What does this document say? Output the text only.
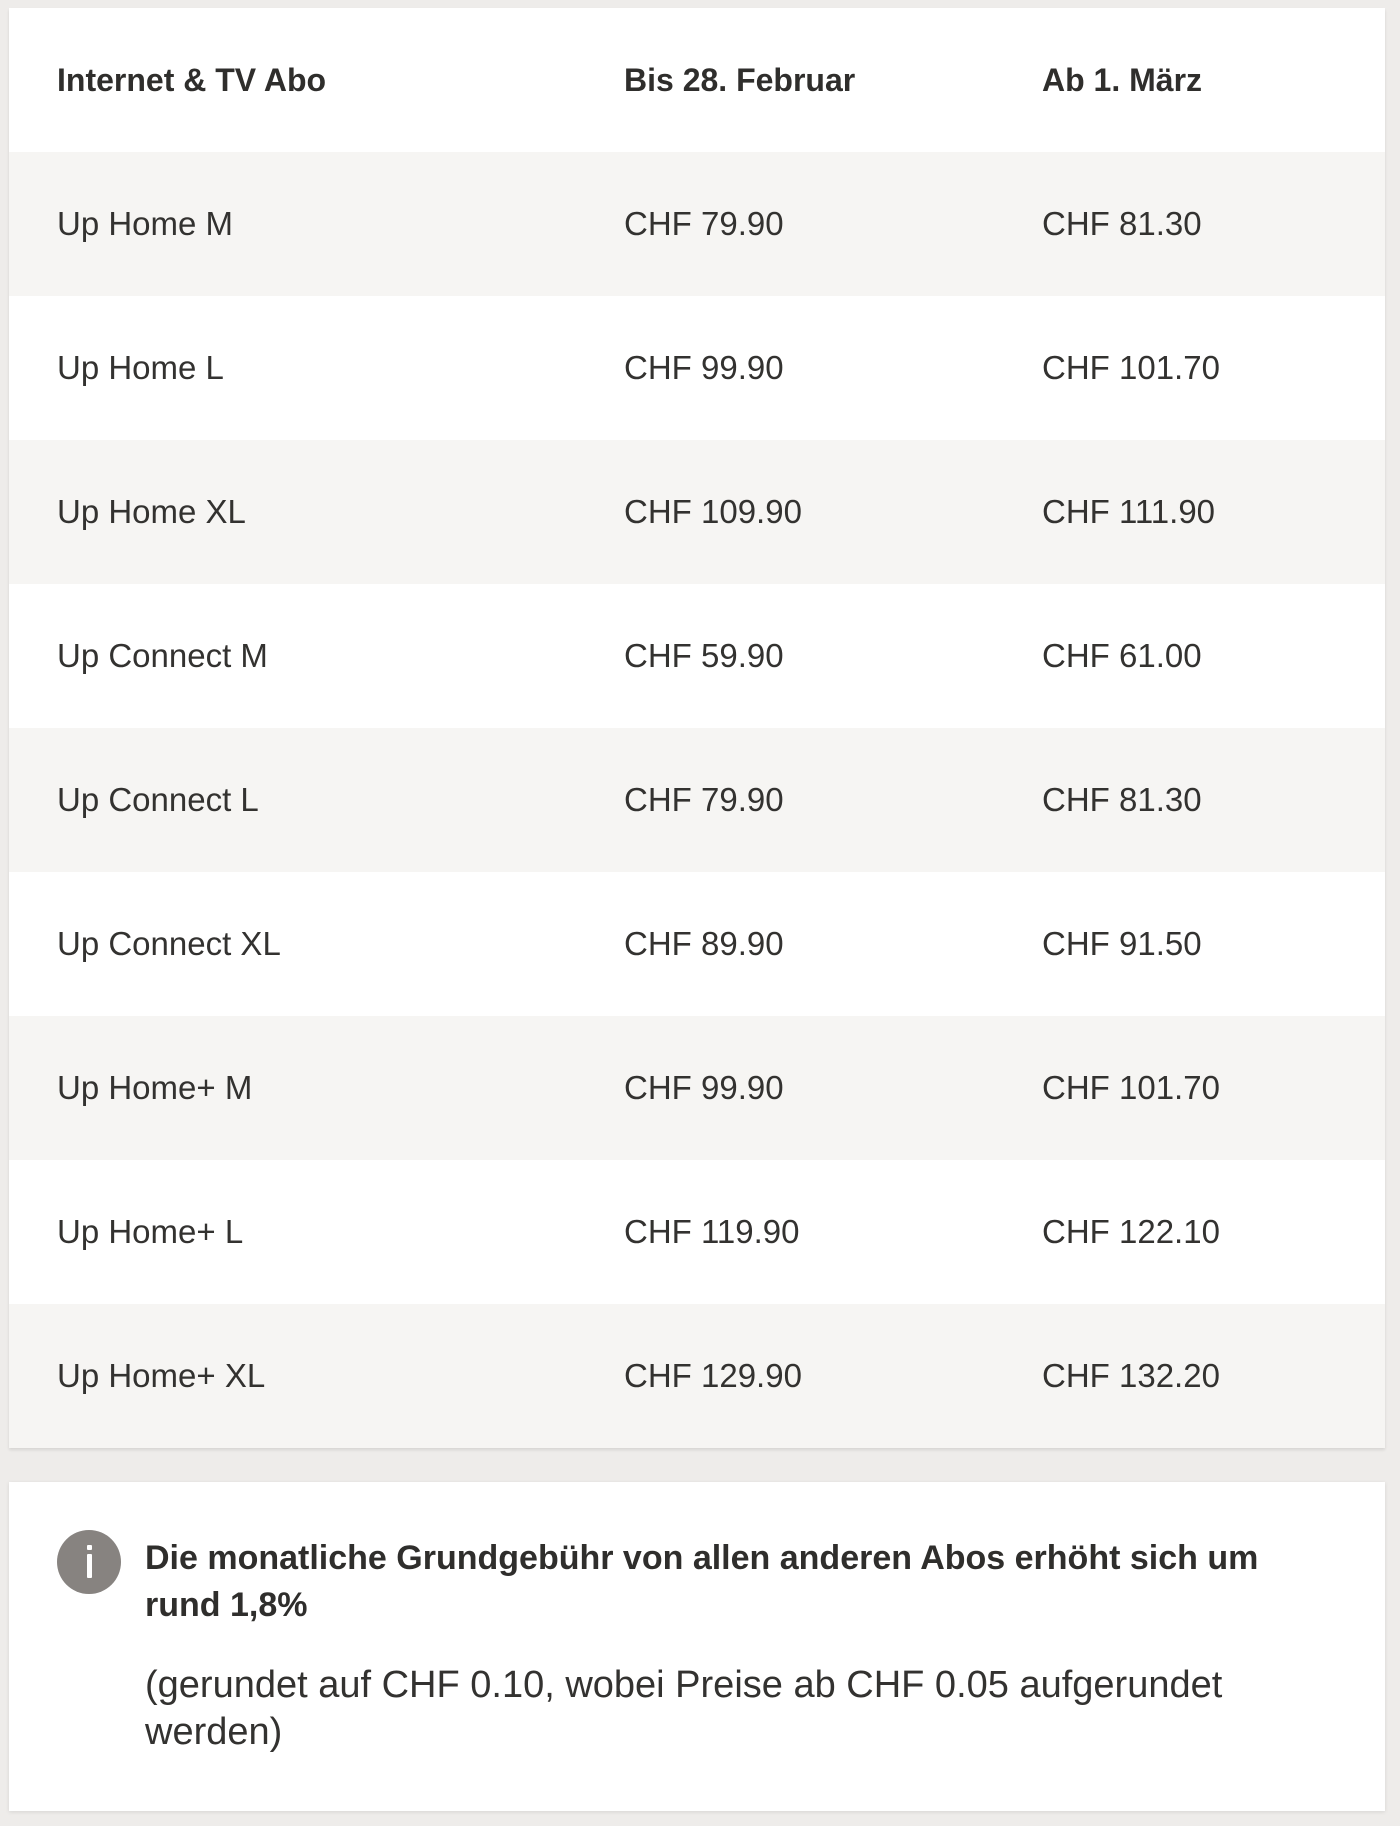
Internet & TV Abo	Bis 28. Februar	Ab 1. März
Up Home M	CHF 79.90	CHF 81.30
Up Home L	CHF 99.90	CHF 101.70
Up Home XL	CHF 109.90	CHF 111.90
Up Connect M	CHF 59.90	CHF 61.00
Up Connect L	CHF 79.90	CHF 81.30
Up Connect XL	CHF 89.90	CHF 91.50
Up Home+ M	CHF 99.90	CHF 101.70
Up Home+ L	CHF 119.90	CHF 122.10
Up Home+ XL	CHF 129.90	CHF 132.20
Die monatliche Grundgebühr von allen anderen Abos erhöht sich um rund 1,8%
(gerundet auf CHF 0.10, wobei Preise ab CHF 0.05 aufgerundet werden)
